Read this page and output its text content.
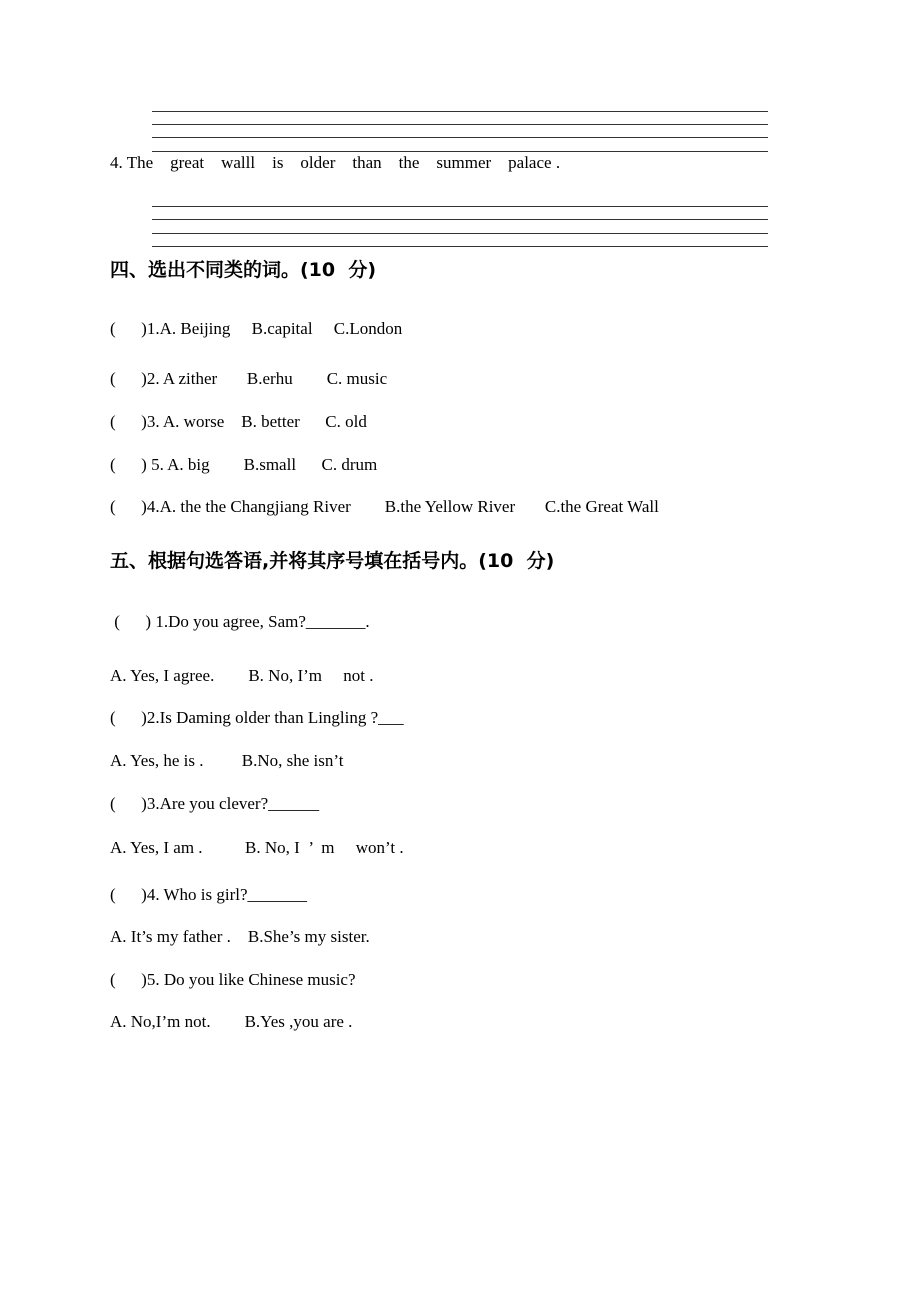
4. The    great    walll    is    older    than    the    summer    palace .
四、选出不同类的词。(10  分)
(      )1.A. Beijing     B.capital     C.London
(      )2. A zither       B.erhu        C. music
(      )3. A. worse    B. better      C. old
(      ) 5. A. big        B.small      C. drum
(      )4.A. the the Changjiang River        B.the Yellow River       C.the Great Wall
五、根据句选答语,并将其序号填在括号内。(10  分)
(      ) 1.Do you agree, Sam?_______.
A. Yes, I agree.        B. No, I’m     not .
(      )2.Is Daming older than Lingling ?___
A. Yes, he is .         B.No, she isn’t
(      )3.Are you clever?______
A. Yes, I am .          B. No, I  ’  m     won’t .
(      )4. Who is girl?_______
A. It’s my father .    B.She’s my sister.
(      )5. Do you like Chinese music?
A. No,I’m not.        B.Yes ,you are .
